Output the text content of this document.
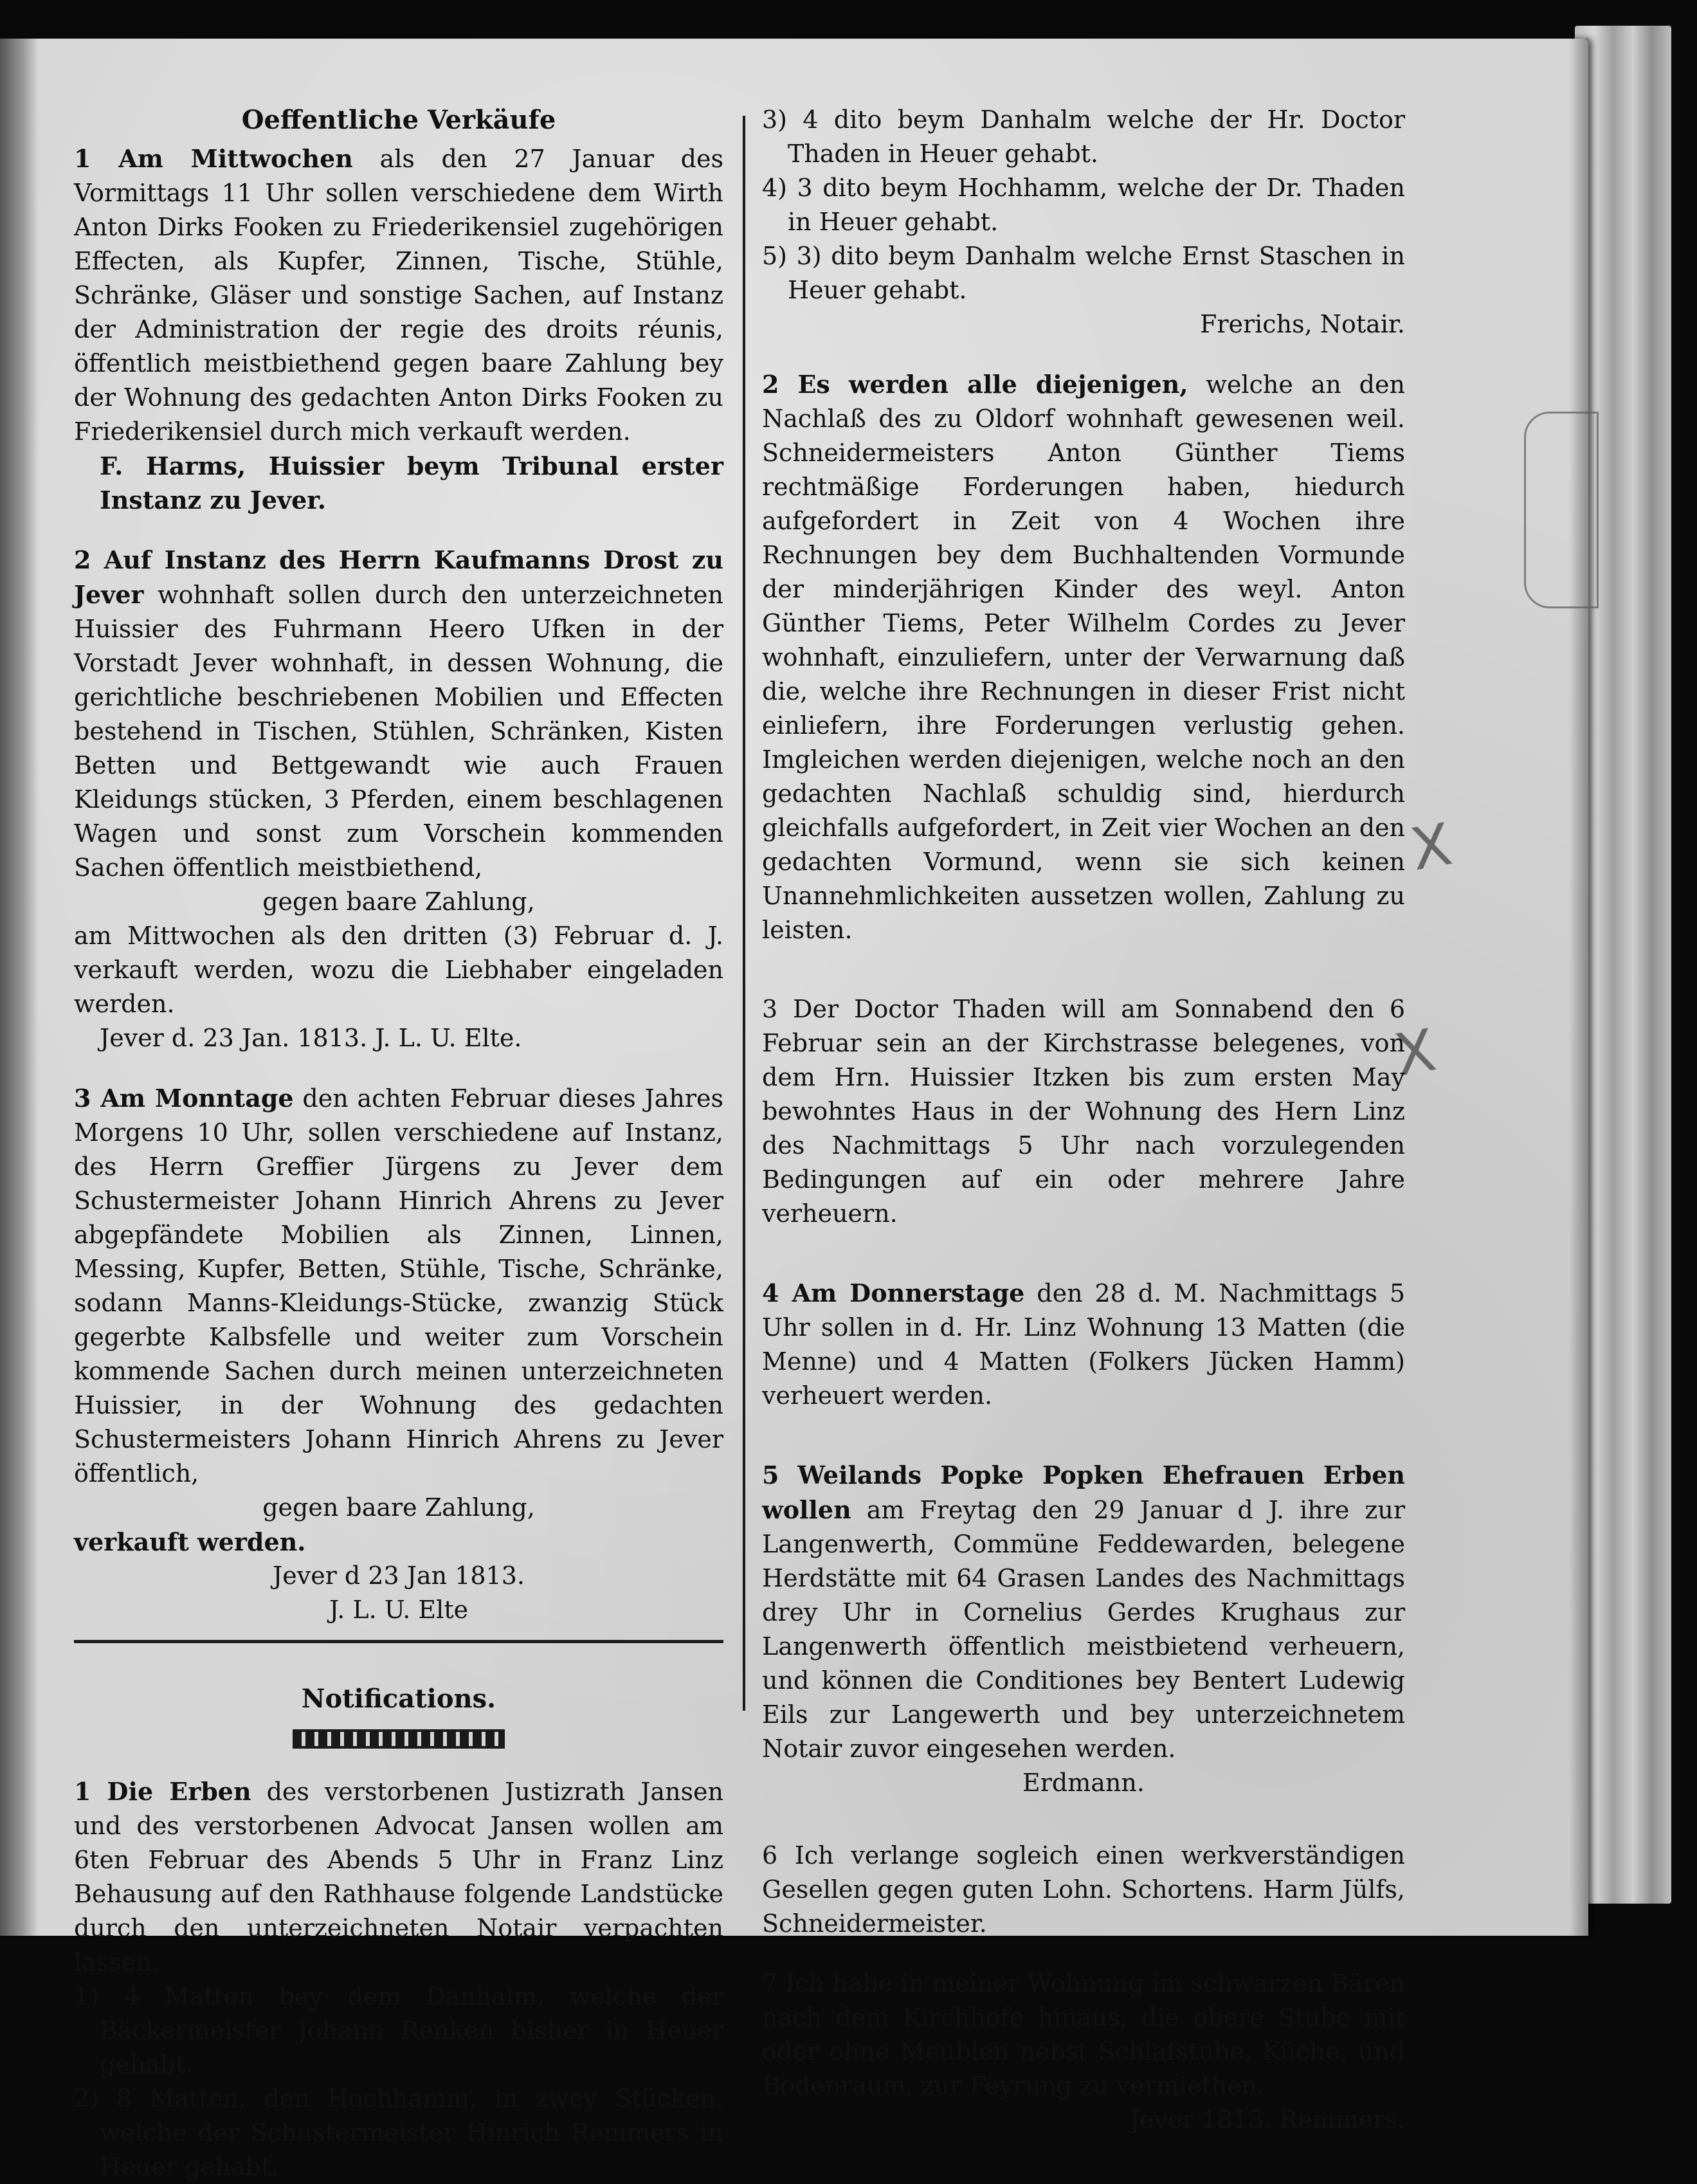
X
X

Oeffentliche Verkäufe

1 Am Mittwochen als den 27 Januar des Vormittags 11 Uhr sollen verschiedene dem Wirth Anton Dirks Fooken zu Friederikensiel zugehörigen Effecten, als Kupfer, Zinnen, Tische, Stühle, Schränke, Gläser und sonstige Sachen, auf Instanz der Administration der regie des droits réunis, öffentlich meistbiethend gegen baare Zahlung bey der Wohnung des gedachten Anton Dirks Fooken zu Friederikensiel durch mich verkauft werden.

F. Harms, Huissier beym Tribunal erster Instanz zu Jever.

2 Auf Instanz des Herrn Kaufmanns Drost zu Jever wohnhaft sollen durch den unterzeichneten Huissier des Fuhrmann Heero Ufken in der Vorstadt Jever wohnhaft, in dessen Wohnung, die gerichtliche beschriebenen Mobilien und Effecten bestehend in Tischen, Stühlen, Schränken, Kisten Betten und Bettgewandt wie auch Frauen Kleidungs stücken, 3 Pferden, einem beschlagenen Wagen und sonst zum Vorschein kommenden Sachen öffentlich meistbiethend,

gegen baare Zahlung,

am Mittwochen als den dritten (3) Februar d. J. verkauft werden, wozu die Liebhaber eingeladen werden.

Jever d. 23 Jan. 1813. J. L. U. Elte.

3 Am Monntage den achten Februar dieses Jahres Morgens 10 Uhr, sollen verschiedene auf Instanz, des Herrn Greffier Jürgens zu Jever dem Schustermeister Johann Hinrich Ahrens zu Jever abgepfändete Mobilien als Zinnen, Linnen, Messing, Kupfer, Betten, Stühle, Tische, Schränke, sodann Manns-Kleidungs-Stücke, zwanzig Stück gegerbte Kalbsfelle und weiter zum Vorschein kommende Sachen durch meinen unterzeichneten Huissier, in der Wohnung des gedachten Schustermeisters Johann Hinrich Ahrens zu Jever öffentlich,

gegen baare Zahlung,

verkauft werden.

Jever d 23 Jan 1813.

J. L. U. Elte

Notifications.

1 Die Erben des verstorbenen Justizrath Jansen und des verstorbenen Advocat Jansen wollen am 6ten Februar des Abends 5 Uhr in Franz Linz Behausung auf den Rathhause folgende Landstücke durch den unterzeichneten Notair verpachten lassen.

1) 4 Matten bey dem Danhalm, welche der Bäckermeister Johann Renken bisher in Heuer gehabt.

2) 8 Matten, den Hochhamm, in zwey Stücken, welche der Schustermeister Hinrich Remmers in Heuer gehabt.

3) 4 dito beym Danhalm welche der Hr. Doctor Thaden in Heuer gehabt.

4) 3 dito beym Hochhamm, welche der Dr. Thaden in Heuer gehabt.

5) 3) dito beym Danhalm welche Ernst Staschen in Heuer gehabt.

Frerichs, Notair.

2 Es werden alle diejenigen, welche an den Nachlaß des zu Oldorf wohnhaft gewesenen weil. Schneidermeisters Anton Günther Tiems rechtmäßige Forderungen haben, hiedurch aufgefordert in Zeit von 4 Wochen ihre Rechnungen bey dem Buchhaltenden Vormunde der minderjährigen Kinder des weyl. Anton Günther Tiems, Peter Wilhelm Cordes zu Jever wohnhaft, einzuliefern, unter der Verwarnung daß die, welche ihre Rechnungen in dieser Frist nicht einliefern, ihre Forderungen verlustig gehen. Imgleichen werden diejenigen, welche noch an den gedachten Nachlaß schuldig sind, hierdurch gleichfalls aufgefordert, in Zeit vier Wochen an den gedachten Vormund, wenn sie sich keinen Unannehmlichkeiten aussetzen wollen, Zahlung zu leisten.

3 Der Doctor Thaden will am Sonnabend den 6 Februar sein an der Kirchstrasse belegenes, von dem Hrn. Huissier Itzken bis zum ersten May bewohntes Haus in der Wohnung des Hern Linz des Nachmittags 5 Uhr nach vorzulegenden Bedingungen auf ein oder mehrere Jahre verheuern.

4 Am Donnerstage den 28 d. M. Nachmittags 5 Uhr sollen in d. Hr. Linz Wohnung 13 Matten (die Menne) und 4 Matten (Folkers Jücken Hamm) verheuert werden.

5 Weilands Popke Popken Ehefrauen Erben wollen am Freytag den 29 Januar d J. ihre zur Langenwerth, Commüne Feddewarden, belegene Herdstätte mit 64 Grasen Landes des Nachmittags drey Uhr in Cornelius Gerdes Krughaus zur Langenwerth öffentlich meistbietend verheuern, und können die Conditiones bey Bentert Ludewig Eils zur Langewerth und bey unterzeichnetem Notair zuvor eingesehen werden.

Erdmann.

6 Ich verlange sogleich einen werkverständigen Gesellen gegen guten Lohn. Schortens. Harm Jülfs, Schneidermeister.

7 Ich habe in meiner Wohnung im schwarzen Bären nach dem Kirchhofe hinaus, die obere Stube mit oder ohne Meublen nebst Schlafstube, Küche, und Bodenraum, zur Feyrung zu vermiethen.

Jever 1813. Remmers.
